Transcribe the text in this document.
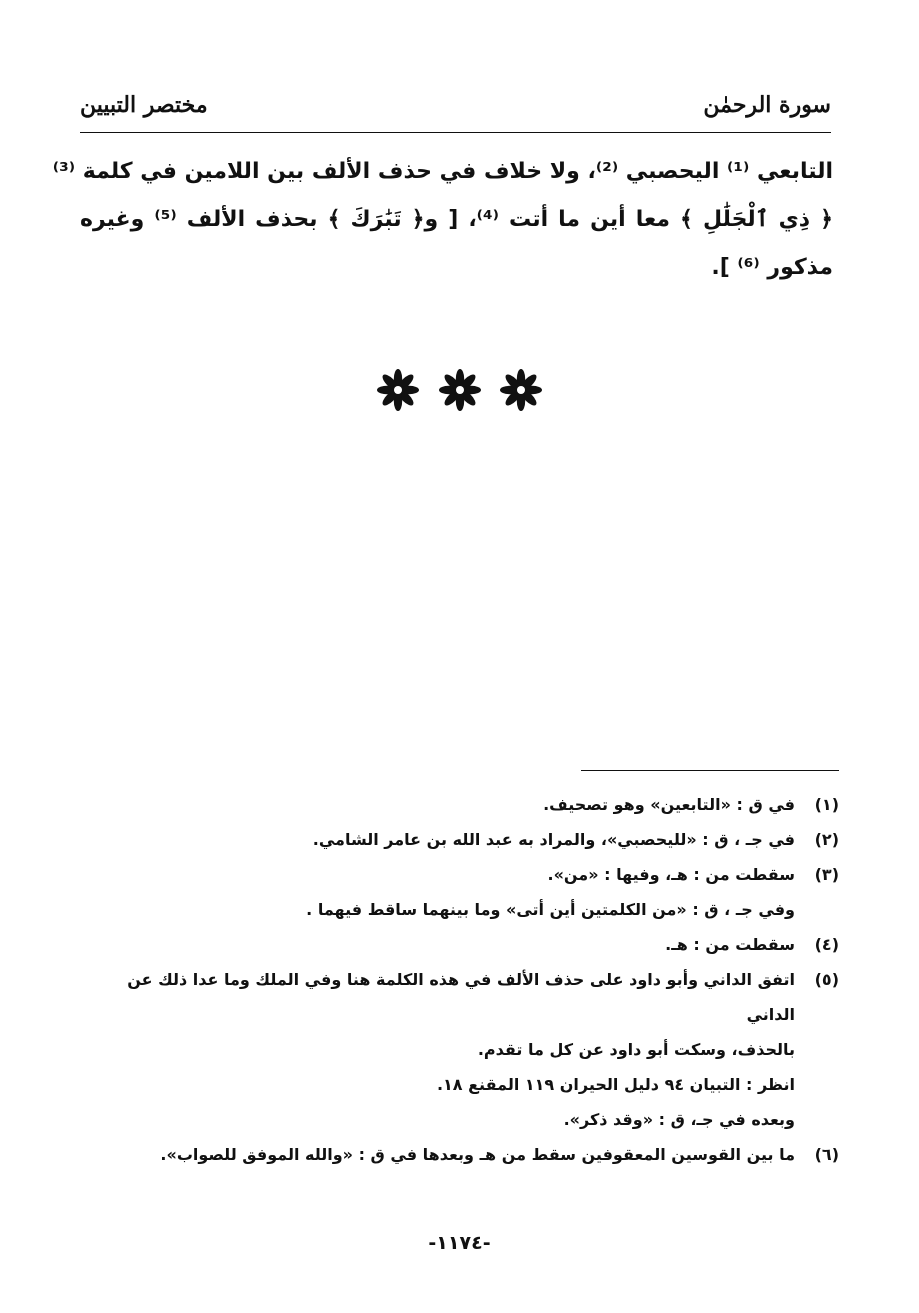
مختصر التبيين	سورة الرحمٰن
التابعي ⁽¹⁾ اليحصبي ⁽²⁾، ولا خلاف في حذف الألف بين اللامين في كلمة ⁽³⁾
﴿ ذِي ٱلْجَلَٰلِ ﴾ معا أين ما أتت ⁽⁴⁾، [ و﴿ تَبَٰرَكَ ﴾ بحذف الألف ⁽⁵⁾ وغيره
مذكور ⁽⁶⁾ ].

(١)
في ق : «التابعين» وهو تصحيف.
(٢)
في جـ ، ق : «لليحصبي»، والمراد به عبد الله بن عامر الشامي.
(٣)
سقطت من : هـ، وفيها : «من».
وفي جـ ، ق : «من الكلمتين أين أتى» وما بينهما ساقط فيهما .
(٤)
سقطت من : هـ.
(٥)
اتفق الداني وأبو داود على حذف الألف في هذه الكلمة هنا وفي الملك وما عدا ذلك عن الداني
بالحذف، وسكت أبو داود عن كل ما تقدم.
انظر : التبيان ٩٤ دليل الحيران ١١٩ المقنع ١٨.
وبعده في جـ، ق : «وقد ذكر».
(٦)
ما بين القوسين المعقوفين سقط من هـ وبعدها في ق : «والله الموفق للصواب».
-١١٧٤-
